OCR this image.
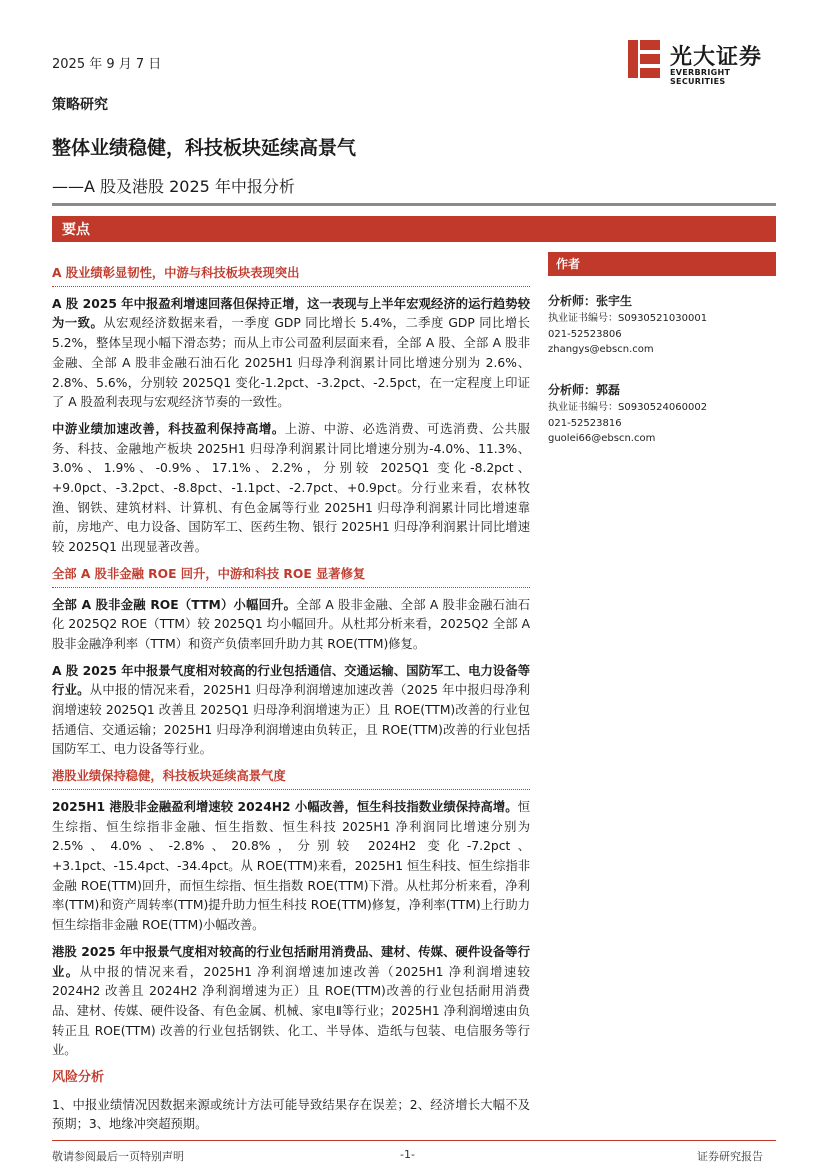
2025 年 9 月 7 日	光大证券
EVERBRIGHT SECURITIES
策略研究
整体业绩稳健，科技板块延续高景气
——A 股及港股 2025 年中报分析
要点

A 股业绩彰显韧性，中游与科技板块表现突出

A 股 2025 年中报盈利增速回落但保持正增，这一表现与上半年宏观经济的运行趋势较为一致。从宏观经济数据来看，一季度 GDP 同比增长 5.4%，二季度 GDP 同比增长 5.2%，整体呈现小幅下滑态势；而从上市公司盈利层面来看，全部 A 股、全部 A 股非金融、全部 A 股非金融石油石化 2025H1 归母净利润累计同比增速分别为 2.6%、2.8%、5.6%，分别较 2025Q1 变化-1.2pct、-3.2pct、-2.5pct，在一定程度上印证了 A 股盈利表现与宏观经济节奏的一致性。

中游业绩加速改善，科技盈利保持高增。上游、中游、必选消费、可选消费、公共服务、科技、金融地产板块 2025H1 归母净利润累计同比增速分别为-4.0%、11.3%、3.0%、1.9%、-0.9%、17.1%、2.2%，分别较 2025Q1 变化-8.2pct、+9.0pct、-3.2pct、-8.8pct、-1.1pct、-2.7pct、+0.9pct。分行业来看，农林牧渔、钢铁、建筑材料、计算机、有色金属等行业 2025H1 归母净利润累计同比增速靠前，房地产、电力设备、国防军工、医药生物、银行 2025H1 归母净利润累计同比增速较 2025Q1 出现显著改善。

全部 A 股非金融 ROE 回升，中游和科技 ROE 显著修复

全部 A 股非金融 ROE（TTM）小幅回升。全部 A 股非金融、全部 A 股非金融石油石化 2025Q2 ROE（TTM）较 2025Q1 均小幅回升。从杜邦分析来看，2025Q2 全部 A 股非金融净利率（TTM）和资产负债率回升助力其 ROE(TTM)修复。

A 股 2025 年中报景气度相对较高的行业包括通信、交通运输、国防军工、电力设备等行业。从中报的情况来看，2025H1 归母净利润增速加速改善（2025 年中报归母净利润增速较 2025Q1 改善且 2025Q1 归母净利润增速为正）且 ROE(TTM)改善的行业包括通信、交通运输；2025H1 归母净利润增速由负转正，且 ROE(TTM)改善的行业包括国防军工、电力设备等行业。

港股业绩保持稳健，科技板块延续高景气度

2025H1 港股非金融盈利增速较 2024H2 小幅改善，恒生科技指数业绩保持高增。恒生综指、恒生综指非金融、恒生指数、恒生科技 2025H1 净利润同比增速分别为 2.5%、4.0%、-2.8%、20.8%，分别较 2024H2 变化-7.2pct、+3.1pct、-15.4pct、-34.4pct。从 ROE(TTM)来看，2025H1 恒生科技、恒生综指非金融 ROE(TTM)回升，而恒生综指、恒生指数 ROE(TTM)下滑。从杜邦分析来看，净利率(TTM)和资产周转率(TTM)提升助力恒生科技 ROE(TTM)修复，净利率(TTM)上行助力恒生综指非金融 ROE(TTM)小幅改善。

港股 2025 年中报景气度相对较高的行业包括耐用消费品、建材、传媒、硬件设备等行业。从中报的情况来看，2025H1 净利润增速加速改善（2025H1 净利润增速较 2024H2 改善且 2024H2 净利润增速为正）且 ROE(TTM)改善的行业包括耐用消费品、建材、传媒、硬件设备、有色金属、机械、家电Ⅱ等行业；2025H1 净利润增速由负转正且 ROE(TTM) 改善的行业包括钢铁、化工、半导体、造纸与包装、电信服务等行业。

风险分析

1、中报业绩情况因数据来源或统计方法可能导致结果存在误差；2、经济增长大幅不及预期；3、地缘冲突超预期。

作者
分析师：张宇生
执业证书编号：S0930521030001
021-52523806
zhangys@ebscn.com
分析师：郭磊
执业证书编号：S0930524060002
021-52523816
guolei66@ebscn.com
敬请参阅最后一页特别声明	-1-	证券研究报告
